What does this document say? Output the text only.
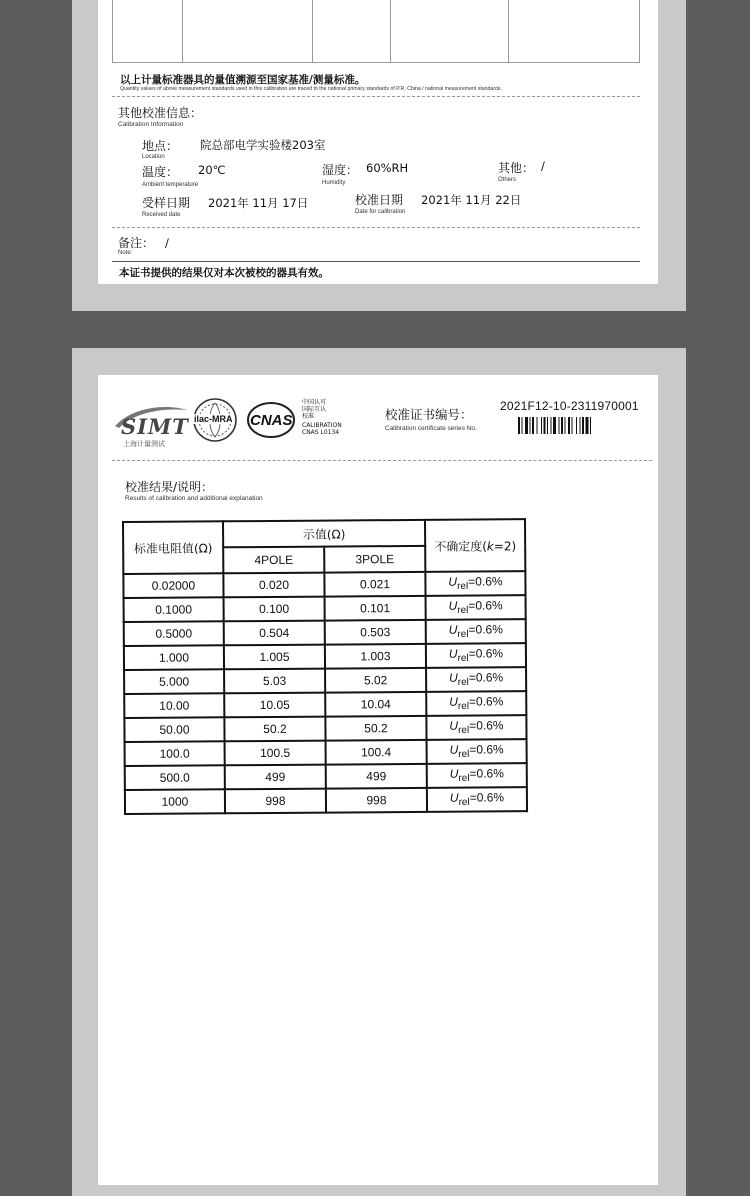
以上计量标准器具的量值溯源至国家基准/测量标准。
Quantity values of above measurement standards used in this calibration are traced to the national primary standards of P.R. China / national measurement standards.
其他校准信息：
Calibration Information
地点：
Location
院总部电学实验楼203室
温度：
Ambient temperature
20℃	湿度：
Humidity
60%RH	其他：
Others
/
受样日期
Received date
2021年 11月 17日	校准日期
Date for calibration
2021年 11月 22日
备注：
Note:
/
本证书提供的结果仅对本次被校的器具有效。
SIMT
上海计量测试
ilac-MRA CNAS
中国认可
国际互认
校准
CALIBRATION
CNAS L0134
校准证书编号：
Calibration certificate series No.
2021F12-10-2311970001
校准结果/说明：
Results of calibration and additional explanation
标准电阻值(Ω)	示值(Ω)		不确定度(k=2)
	4POLE	3POLE	
0.02000	0.020	0.021	$U_{rel}=0.6\%$
0.1000	0.100	0.101	$U_{rel}=0.6\%$
0.5000	0.504	0.503	$U_{rel}=0.6\%$
1.000	1.005	1.003	$U_{rel}=0.6\%$
5.000	5.03	5.02	$U_{rel}=0.6\%$
10.00	10.05	10.04	$U_{rel}=0.6\%$
50.00	50.2	50.2	$U_{rel}=0.6\%$
100.0	100.5	100.4	$U_{rel}=0.6\%$
500.0	499	499	$U_{rel}=0.6\%$
1000	998	998	$U_{rel}=0.6\%$
